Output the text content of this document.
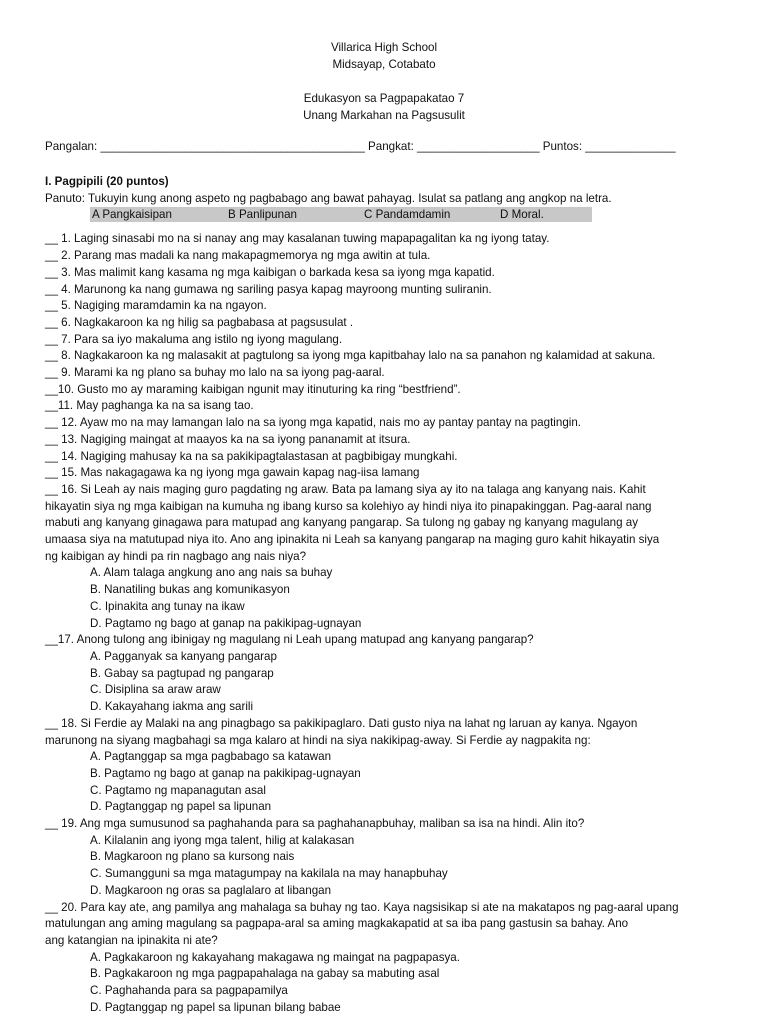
Villarica High School
Midsayap, Cotabato
Edukasyon sa Pagpapakatao 7
Unang Markahan na Pagsusulit
Pangalan: _________________________________________ Pangkat: ___________________ Puntos: ______________
I. Pagpipili (20 puntos)
Panuto: Tukuyin kung anong aspeto ng pagbabago ang bawat pahayag. Isulat sa patlang ang angkop na letra.
A Pangkaisipan	B Panlipunan	C Pandamdamin	D Moral.
__ 1. Laging sinasabi mo na si nanay ang may kasalanan tuwing mapapagalitan ka ng iyong tatay.
__ 2. Parang mas madali ka nang makapagmemorya ng mga awitin at tula.
__ 3. Mas malimit kang kasama ng mga kaibigan o barkada kesa sa iyong mga kapatid.
__ 4. Marunong ka nang gumawa ng sariling pasya kapag mayroong munting suliranin.
__ 5. Nagiging maramdamin ka na ngayon.
__ 6. Nagkakaroon ka ng hilig sa pagbabasa at pagsusulat .
__ 7. Para sa iyo makaluma ang istilo ng iyong magulang.
__ 8. Nagkakaroon ka ng malasakit at pagtulong sa iyong mga kapitbahay lalo na sa panahon ng kalamidad at sakuna.
__ 9. Marami ka ng plano sa buhay mo lalo na sa iyong pag-aaral.
__10. Gusto mo ay maraming kaibigan ngunit may itinuturing ka ring “bestfriend”.
__11. May paghanga ka na sa isang tao.
__ 12. Ayaw mo na may lamangan lalo na sa iyong mga kapatid, nais mo ay pantay pantay na pagtingin.
__ 13. Nagiging maingat at maayos ka na sa iyong pananamit at itsura.
__ 14. Nagiging mahusay ka na sa pakikipagtalastasan at pagbibigay mungkahi.
__ 15. Mas nakagagawa ka ng iyong mga gawain kapag nag-iisa lamang
__ 16. Si Leah ay nais maging guro pagdating ng araw. Bata pa lamang siya ay ito na talaga ang kanyang nais. Kahit
hikayatin siya ng mga kaibigan na kumuha ng ibang kurso sa kolehiyo ay hindi niya ito pinapakinggan. Pag-aaral nang
mabuti ang kanyang ginagawa para matupad ang kanyang pangarap. Sa tulong ng gabay ng kanyang magulang ay
umaasa siya na matutupad niya ito. Ano ang ipinakita ni Leah sa kanyang pangarap na maging guro kahit hikayatin siya
ng kaibigan ay hindi pa rin nagbago ang nais niya?
A. Alam talaga angkung ano ang nais sa buhay
B. Nanatiling bukas ang komunikasyon
C. Ipinakita ang tunay na ikaw
D. Pagtamo ng bago at ganap na pakikipag-ugnayan
__17. Anong tulong ang ibinigay ng magulang ni Leah upang matupad ang kanyang pangarap?
A. Pagganyak sa kanyang pangarap
B. Gabay sa pagtupad ng pangarap
C. Disiplina sa araw araw
D. Kakayahang iakma ang sarili
__ 18. Si Ferdie ay Malaki na ang pinagbago sa pakikipaglaro. Dati gusto niya na lahat ng laruan ay kanya. Ngayon
marunong na siyang magbahagi sa mga kalaro at hindi na siya nakikipag-away. Si Ferdie ay nagpakita ng:
A. Pagtanggap sa mga pagbabago sa katawan
B. Pagtamo ng bago at ganap na pakikipag-ugnayan
C. Pagtamo ng mapanagutan asal
D. Pagtanggap ng papel sa lipunan
__ 19. Ang mga sumusunod sa paghahanda para sa paghahanapbuhay, maliban sa isa na hindi. Alin ito?
A. Kilalanin ang iyong mga talent, hilig at kalakasan
B. Magkaroon ng plano sa kursong nais
C. Sumangguni sa mga matagumpay na kakilala na may hanapbuhay
D. Magkaroon ng oras sa paglalaro at libangan
__ 20. Para kay ate, ang pamilya ang mahalaga sa buhay ng tao. Kaya nagsisikap si ate na makatapos ng pag-aaral upang
matulungan ang aming magulang sa pagpapa-aral sa aming magkakapatid at sa iba pang gastusin sa bahay. Ano
ang katangian na ipinakita ni ate?
A. Pagkakaroon ng kakayahang makagawa ng maingat na pagpapasya.
B. Pagkakaroon ng mga pagpapahalaga na gabay sa mabuting asal
C. Paghahanda para sa pagpapamilya
D. Pagtanggap ng papel sa lipunan bilang babae
